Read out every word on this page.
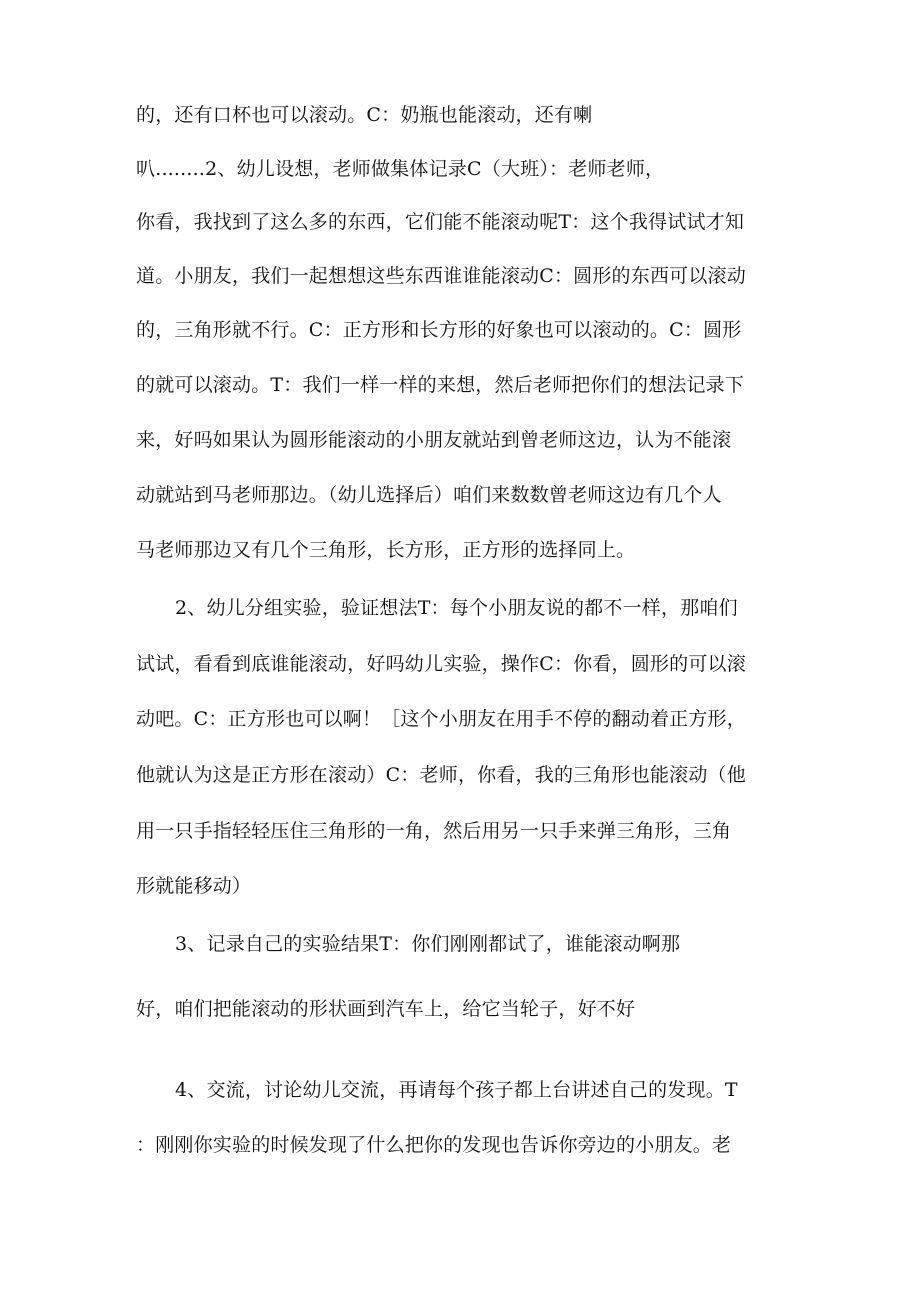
的，还有口杯也可以滚动。C：奶瓶也能滚动，还有喇
叭........2、幼儿设想，老师做集体记录C（大班）：老师老师，
你看，我找到了这么多的东西，它们能不能滚动呢T：这个我得试试才知
道。小朋友，我们一起想想这些东西谁谁能滚动C：圆形的东西可以滚动
的，三角形就不行。C：正方形和长方形的好象也可以滚动的。C：圆形
的就可以滚动。T：我们一样一样的来想，然后老师把你们的想法记录下
来，好吗如果认为圆形能滚动的小朋友就站到曾老师这边，认为不能滚
动就站到马老师那边。（幼儿选择后）咱们来数数曾老师这边有几个人
马老师那边又有几个三角形，长方形，正方形的选择同上。
2、幼儿分组实验，验证想法T：每个小朋友说的都不一样，那咱们
试试，看看到底谁能滚动，好吗幼儿实验，操作C：你看，圆形的可以滚
动吧。C：正方形也可以啊！［这个小朋友在用手不停的翻动着正方形，
他就认为这是正方形在滚动）C：老师，你看，我的三角形也能滚动（他
用一只手指轻轻压住三角形的一角，然后用另一只手来弹三角形，三角
形就能移动）
3、记录自己的实验结果T：你们刚刚都试了，谁能滚动啊那
好，咱们把能滚动的形状画到汽车上，给它当轮子，好不好
4、交流，讨论幼儿交流，再请每个孩子都上台讲述自己的发现。T
：刚刚你实验的时候发现了什么把你的发现也告诉你旁边的小朋友。老
